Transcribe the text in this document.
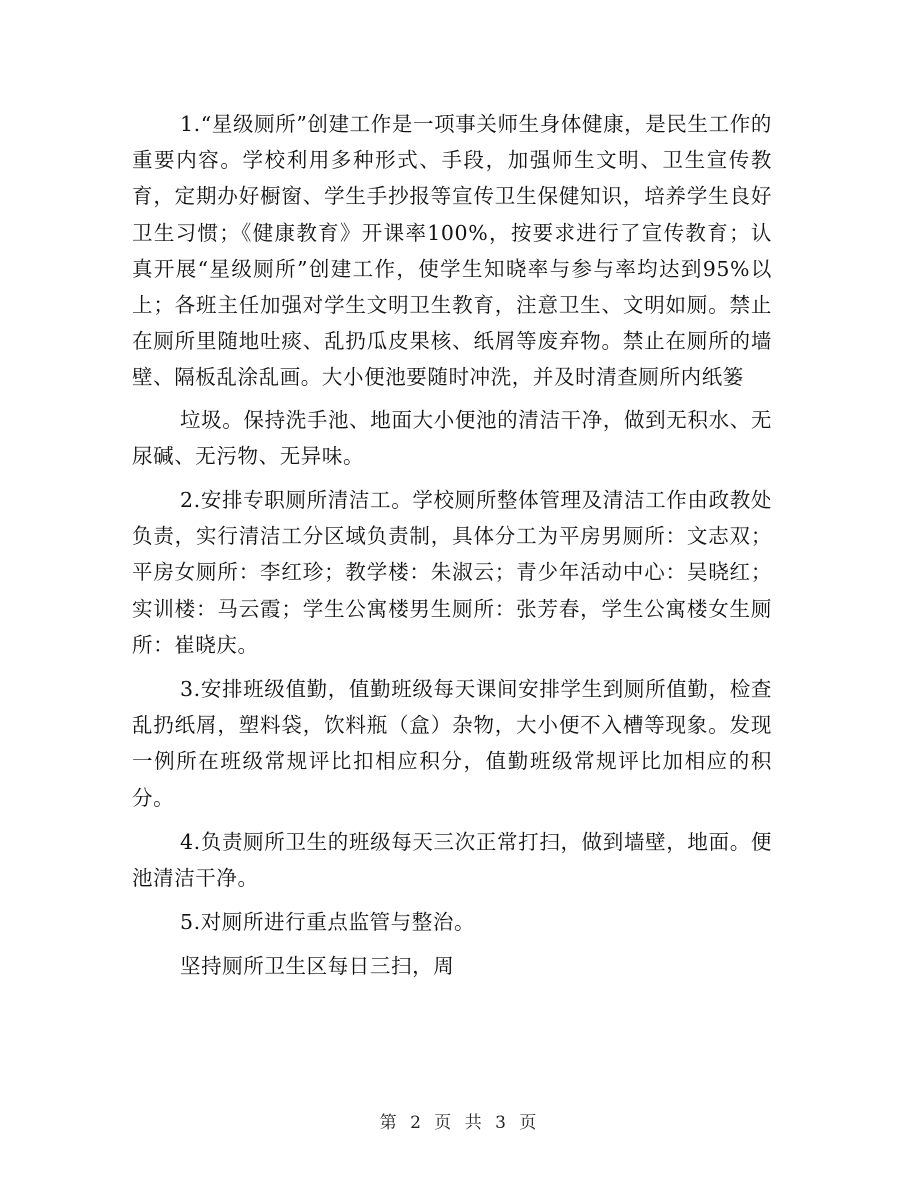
1.“星级厕所”创建工作是一项事关师生身体健康，是民生工作的重要内容。学校利用多种形式、手段，加强师生文明、卫生宣传教育，定期办好橱窗、学生手抄报等宣传卫生保健知识，培养学生良好卫生习惯；《健康教育》开课率100%，按要求进行了宣传教育；认真开展“星级厕所”创建工作，使学生知晓率与参与率均达到95%以上；各班主任加强对学生文明卫生教育，注意卫生、文明如厕。禁止在厕所里随地吐痰、乱扔瓜皮果核、纸屑等废弃物。禁止在厕所的墙壁、隔板乱涂乱画。大小便池要随时冲洗，并及时清查厕所内纸篓

垃圾。保持洗手池、地面大小便池的清洁干净，做到无积水、无尿碱、无污物、无异味。

2.安排专职厕所清洁工。学校厕所整体管理及清洁工作由政教处负责，实行清洁工分区域负责制，具体分工为平房男厕所：文志双；平房女厕所：李红珍；教学楼：朱淑云；青少年活动中心：吴晓红；实训楼：马云霞；学生公寓楼男生厕所：张芳春，学生公寓楼女生厕所：崔晓庆。

3.安排班级值勤，值勤班级每天课间安排学生到厕所值勤，检查乱扔纸屑，塑料袋，饮料瓶（盒）杂物，大小便不入槽等现象。发现一例所在班级常规评比扣相应积分，值勤班级常规评比加相应的积分。

4.负责厕所卫生的班级每天三次正常打扫，做到墙壁，地面。便池清洁干净。

5.对厕所进行重点监管与整治。

坚持厕所卫生区每日三扫，周

第 2 页 共 3 页
